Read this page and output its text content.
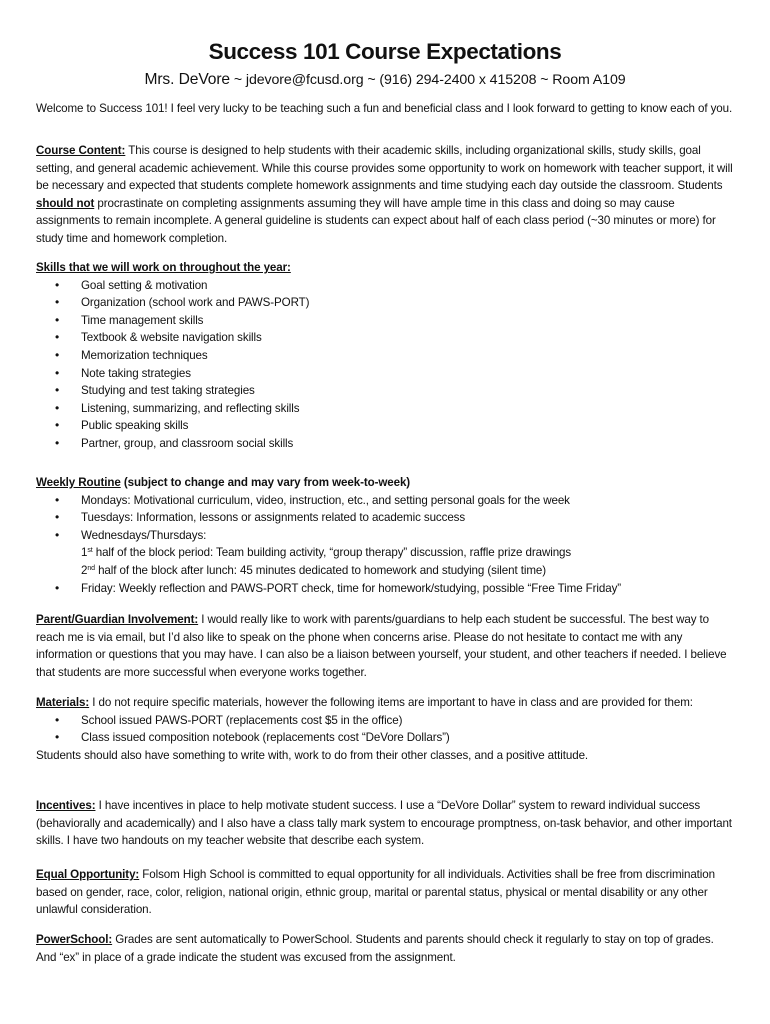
Success 101 Course Expectations
Mrs. DeVore ~ jdevore@fcusd.org ~ (916) 294-2400 x 415208 ~ Room A109

Welcome to Success 101! I feel very lucky to be teaching such a fun and beneficial class and I look forward to getting to know each of you.

Course Content: This course is designed to help students with their academic skills, including organizational skills, study skills, goal setting, and general academic achievement. While this course provides some opportunity to work on homework with teacher support, it will be necessary and expected that students complete homework assignments and time studying each day outside the classroom. Students should not procrastinate on completing assignments assuming they will have ample time in this class and doing so may cause assignments to remain incomplete. A general guideline is students can expect about half of each class period (~30 minutes or more) for study time and homework completion.

Skills that we will work on throughout the year:
• Goal setting & motivation
• Organization (school work and PAWS-PORT)
• Time management skills
• Textbook & website navigation skills
• Memorization techniques
• Note taking strategies
• Studying and test taking strategies
• Listening, summarizing, and reflecting skills
• Public speaking skills
• Partner, group, and classroom social skills
Weekly Routine (subject to change and may vary from week-to-week)
• Mondays: Motivational curriculum, video, instruction, etc., and setting personal goals for the week
• Tuesdays: Information, lessons or assignments related to academic success
• Wednesdays/Thursdays:
1st half of the block period: Team building activity, “group therapy” discussion, raffle prize drawings
2nd half of the block after lunch: 45 minutes dedicated to homework and studying (silent time)
• Friday: Weekly reflection and PAWS-PORT check, time for homework/studying, possible “Free Time Friday”

Parent/Guardian Involvement: I would really like to work with parents/guardians to help each student be successful. The best way to reach me is via email, but I’d also like to speak on the phone when concerns arise. Please do not hesitate to contact me with any information or questions that you may have. I can also be a liaison between yourself, your student, and other teachers if needed. I believe that students are more successful when everyone works together.

Materials: I do not require specific materials, however the following items are important to have in class and are provided for them:
• School issued PAWS-PORT (replacements cost $5 in the office)
• Class issued composition notebook (replacements cost “DeVore Dollars”)
Students should also have something to write with, work to do from their other classes, and a positive attitude.

Incentives: I have incentives in place to help motivate student success. I use a “DeVore Dollar” system to reward individual success (behaviorally and academically) and I also have a class tally mark system to encourage promptness, on-task behavior, and other important skills. I have two handouts on my teacher website that describe each system.

Equal Opportunity: Folsom High School is committed to equal opportunity for all individuals. Activities shall be free from discrimination based on gender, race, color, religion, national origin, ethnic group, marital or parental status, physical or mental disability or any other unlawful consideration.

PowerSchool: Grades are sent automatically to PowerSchool. Students and parents should check it regularly to stay on top of grades. And “ex” in place of a grade indicate the student was excused from the assignment.
